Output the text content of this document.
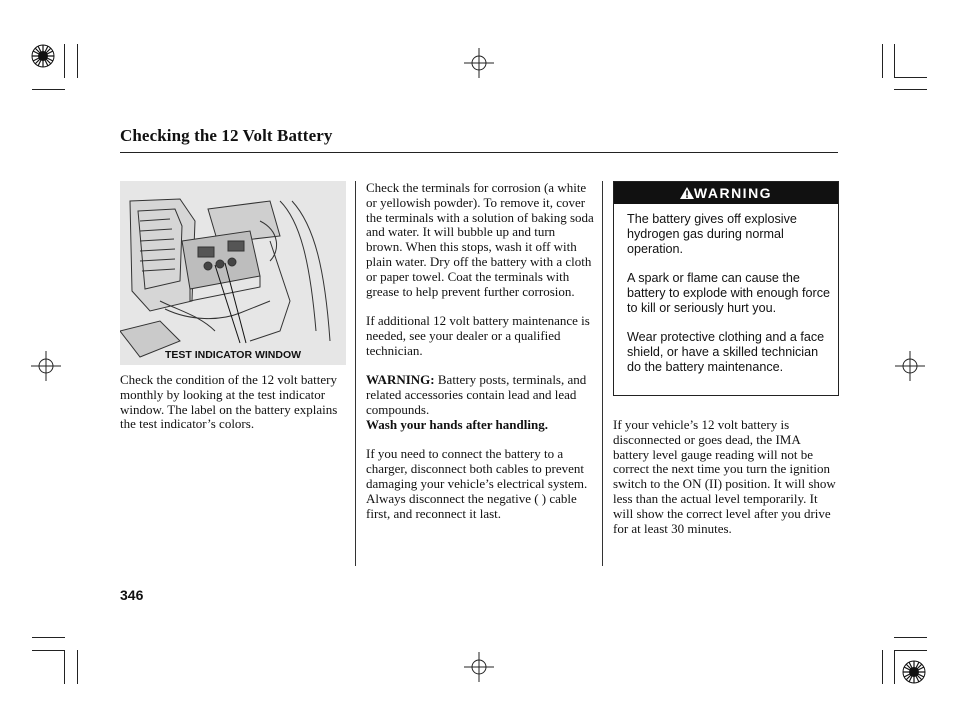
Checking the 12 Volt Battery
TEST INDICATOR WINDOW

Check the condition of the 12 volt battery monthly by looking at the test indicator window. The label on the battery explains the test indicator’s colors.

Check the terminals for corrosion (a white or yellowish powder). To remove it, cover the terminals with a solution of baking soda and water. It will bubble up and turn brown. When this stops, wash it off with plain water. Dry off the battery with a cloth or paper towel. Coat the terminals with grease to help prevent further corrosion.

If additional 12 volt battery maintenance is needed, see your dealer or a qualified technician.

WARNING: Battery posts, terminals, and related accessories contain lead and lead compounds.
Wash your hands after handling.

If you need to connect the battery to a charger, disconnect both cables to prevent damaging your vehicle’s electrical system. Always disconnect the negative ( ) cable first, and reconnect it last.

WARNING

The battery gives off explosive hydrogen gas during normal operation.

A spark or flame can cause the battery to explode with enough force to kill or seriously hurt you.

Wear protective clothing and a face shield, or have a skilled technician do the battery maintenance.

If your vehicle’s 12 volt battery is disconnected or goes dead, the IMA battery level gauge reading will not be correct the next time you turn the ignition switch to the ON (II) position. It will show less than the actual level temporarily. It will show the correct level after you drive for at least 30 minutes.

346
